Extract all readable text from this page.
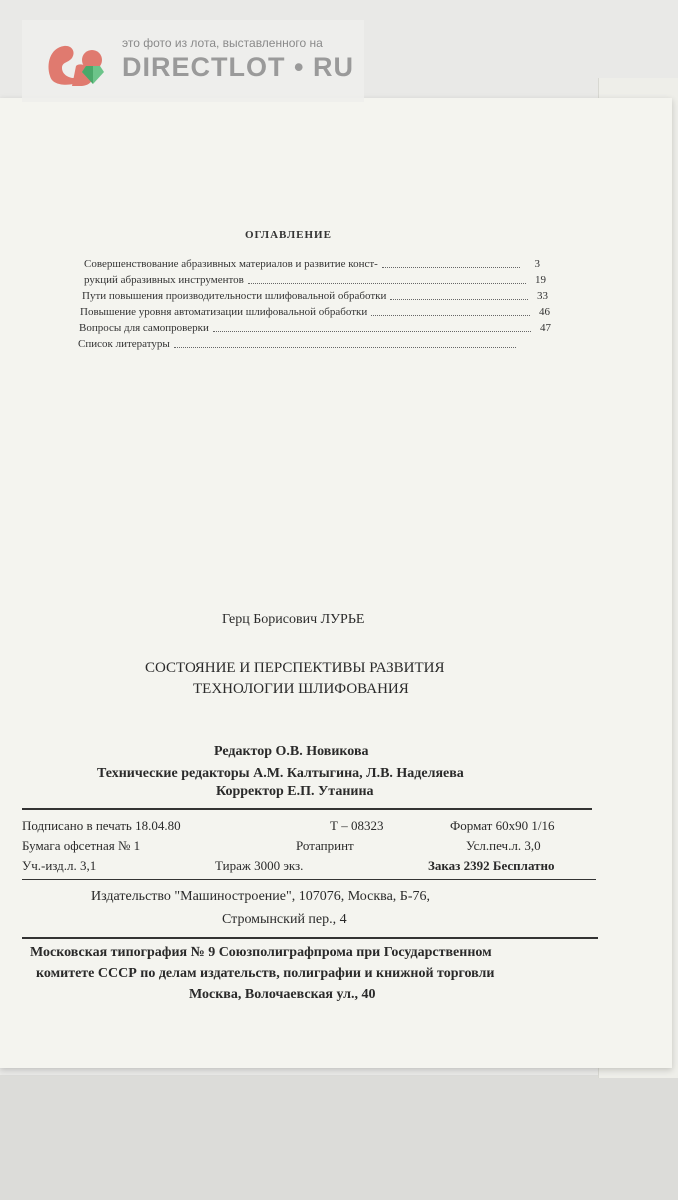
это фото из лота, выставленного на
DIRECTLOT • RU
ОГЛАВЛЕНИЕ
Совершенствование абразивных материалов и развитие конст-	3
рукций абразивных инструментов	19
Пути повышения производительности шлифовальной обработки	33
Повышение уровня автоматизации шлифовальной обработки	46
Вопросы для самопроверки	47
Список литературы
Герц Борисович ЛУРЬЕ
СОСТОЯНИЕ И ПЕРСПЕКТИВЫ РАЗВИТИЯ
ТЕХНОЛОГИИ ШЛИФОВАНИЯ
Редактор О.В. Новикова
Технические редакторы А.М. Калтыгина, Л.В. Наделяева
Корректор Е.П. Утанина
Подписано в печать 18.04.80	Т – 08323	Формат 60х90 1/16
Бумага офсетная № 1	Ротапринт	Усл.печ.л. 3,0
Уч.-изд.л. 3,1	Тираж 3000 экз.	Заказ 2392 Бесплатно
Издательство "Машиностроение", 107076, Москва, Б-76,
Стромынский пер., 4
Московская типография № 9 Союзполиграфпрома при Государственном
комитете СССР по делам издательств, полиграфии и книжной торговли
Москва, Волочаевская ул., 40
